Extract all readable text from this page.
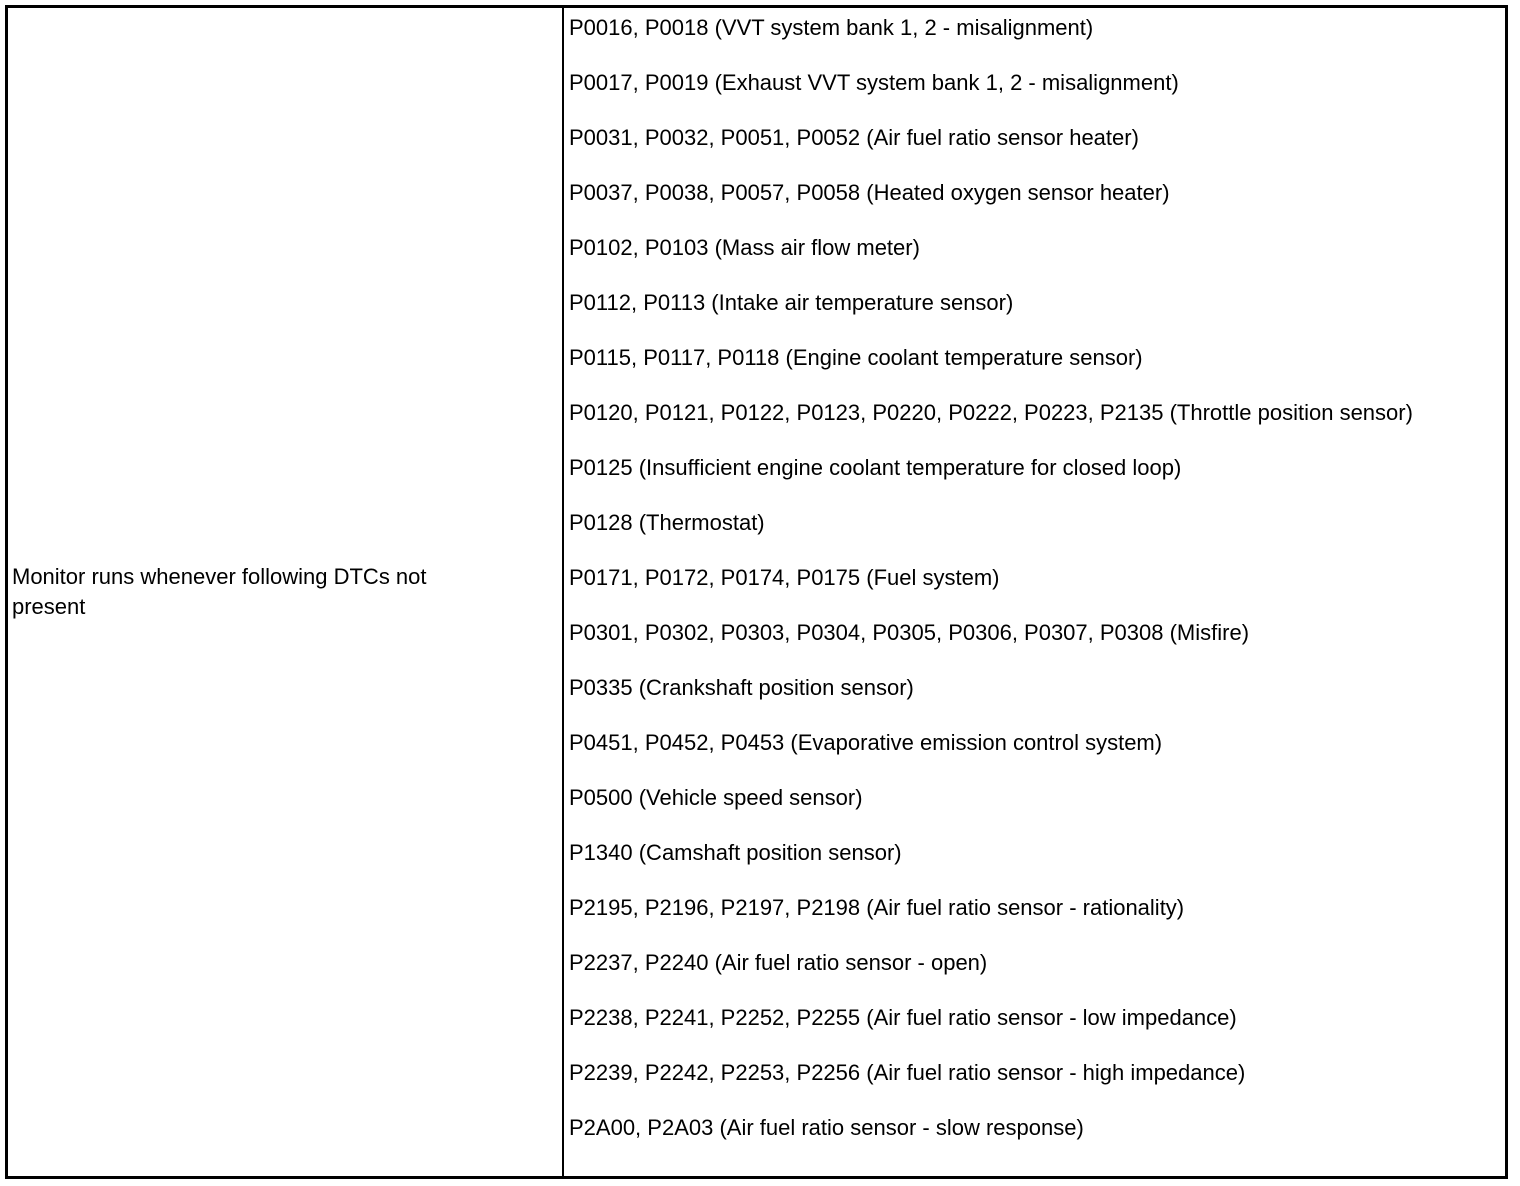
Monitor runs whenever following DTCs not present
P0016, P0018 (VVT system bank 1, 2 - misalignment)
P0017, P0019 (Exhaust VVT system bank 1, 2 - misalignment)
P0031, P0032, P0051, P0052 (Air fuel ratio sensor heater)
P0037, P0038, P0057, P0058 (Heated oxygen sensor heater)
P0102, P0103 (Mass air flow meter)
P0112, P0113 (Intake air temperature sensor)
P0115, P0117, P0118 (Engine coolant temperature sensor)
P0120, P0121, P0122, P0123, P0220, P0222, P0223, P2135 (Throttle position sensor)
P0125 (Insufficient engine coolant temperature for closed loop)
P0128 (Thermostat)
P0171, P0172, P0174, P0175 (Fuel system)
P0301, P0302, P0303, P0304, P0305, P0306, P0307, P0308 (Misfire)
P0335 (Crankshaft position sensor)
P0451, P0452, P0453 (Evaporative emission control system)
P0500 (Vehicle speed sensor)
P1340 (Camshaft position sensor)
P2195, P2196, P2197, P2198 (Air fuel ratio sensor - rationality)
P2237, P2240 (Air fuel ratio sensor - open)
P2238, P2241, P2252, P2255 (Air fuel ratio sensor - low impedance)
P2239, P2242, P2253, P2256 (Air fuel ratio sensor - high impedance)
P2A00, P2A03 (Air fuel ratio sensor - slow response)
